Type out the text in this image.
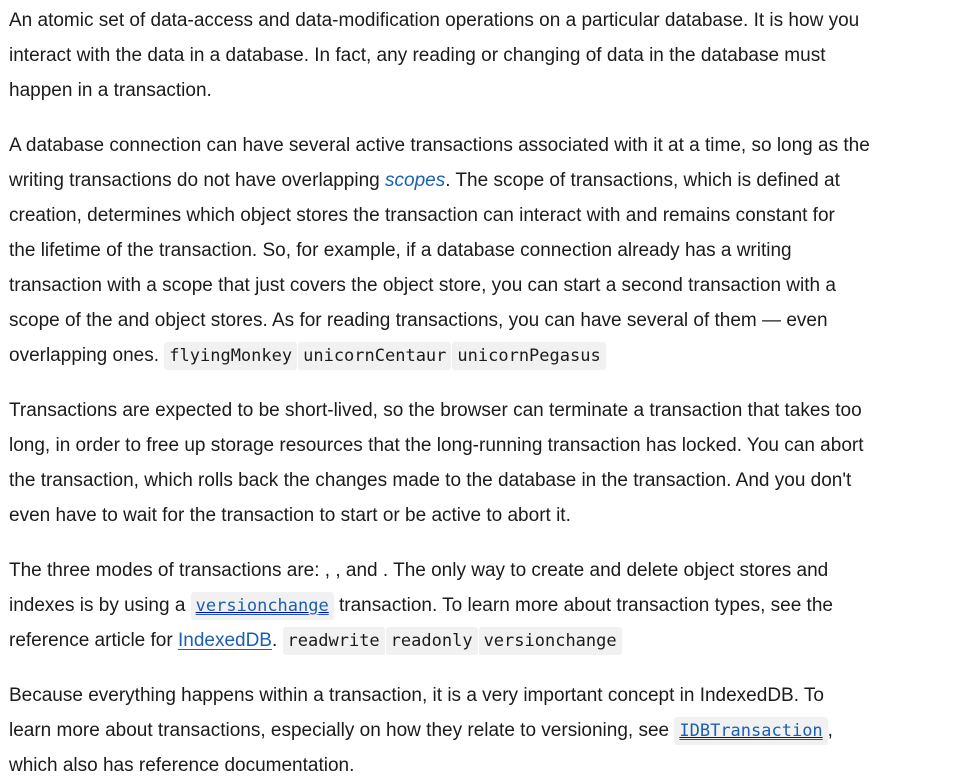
An atomic set of data-access and data-modification operations on a particular database. It is how you
interact with the data in a database. In fact, any reading or changing of data in the database must
happen in a transaction.

A database connection can have several active transactions associated with it at a time, so long as the
writing transactions do not have overlapping scopes. The scope of transactions, which is defined at
creation, determines which object stores the transaction can interact with and remains constant for
the lifetime of the transaction. So, for example, if a database connection already has a writing
transaction with a scope that just covers the object store, you can start a second transaction with a
scope of the and object stores. As for reading transactions, you can have several of them — even
overlapping ones. flyingMonkey unicornCentaur unicornPegasus

Transactions are expected to be short-lived, so the browser can terminate a transaction that takes too
long, in order to free up storage resources that the long-running transaction has locked. You can abort
the transaction, which rolls back the changes made to the database in the transaction. And you don't
even have to wait for the transaction to start or be active to abort it.

The three modes of transactions are: , , and . The only way to create and delete object stores and
indexes is by using a versionchange transaction. To learn more about transaction types, see the
reference article for IndexedDB. readwrite readonly versionchange

Because everything happens within a transaction, it is a very important concept in IndexedDB. To
learn more about transactions, especially on how they relate to versioning, see IDBTransaction ,
which also has reference documentation.
